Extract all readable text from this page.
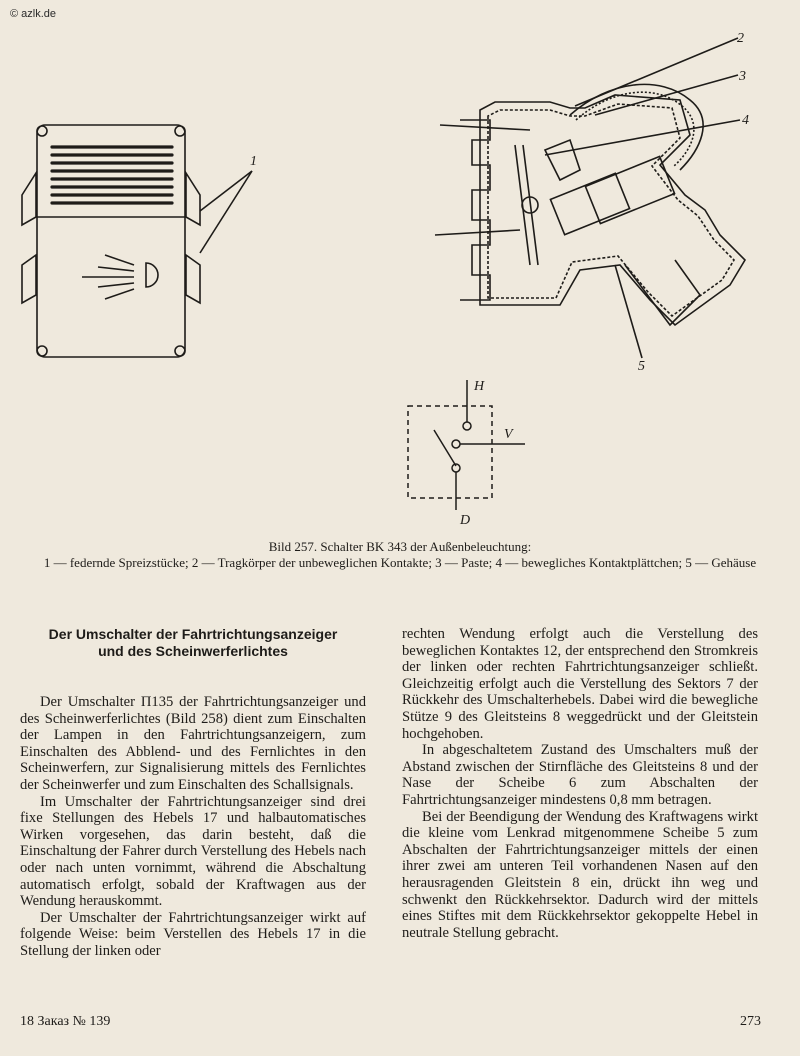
© azlk.de
1
2
3
4
5
H
V
D

Bild 257. Schalter BK 343 der Außenbeleuchtung:

1 — federnde Spreizstücke; 2 — Tragkörper der unbeweglichen Kontakte; 3 — Paste; 4 — bewegliches Kontaktplättchen; 5 — Gehäuse

Der Umschalter der Fahrtrichtungsanzeiger
und des Scheinwerferlichtes

Der Umschalter П135 der Fahrtrichtungsanzeiger und des Scheinwerferlichtes (Bild 258) dient zum Einschalten der Lampen in den Fahrtrichtungsanzeigern, zum Einschalten des Abblend- und des Fernlichtes in den Scheinwerfern, zur Signalisierung mittels des Fernlichtes der Scheinwerfer und zum Einschalten des Schallsignals.

Im Umschalter der Fahrtrichtungsanzeiger sind drei fixe Stellungen des Hebels 17 und halbautomatisches Wirken vorgesehen, das darin besteht, daß die Einschaltung der Fahrer durch Verstellung des Hebels nach oder nach unten vornimmt, während die Abschaltung automatisch erfolgt, sobald der Kraftwagen aus der Wendung herauskommt.

Der Umschalter der Fahrtrichtungsanzeiger wirkt auf folgende Weise: beim Verstellen des Hebels 17 in die Stellung der linken oder

rechten Wendung erfolgt auch die Verstellung des beweglichen Kontaktes 12, der entsprechend den Stromkreis der linken oder rechten Fahrtrichtungsanzeiger schließt. Gleichzeitig erfolgt auch die Verstellung des Sektors 7 der Rückkehr des Umschalterhebels. Dabei wird die bewegliche Stütze 9 des Gleitsteins 8 weggedrückt und der Gleitstein hochgehoben.

In abgeschaltetem Zustand des Umschalters muß der Abstand zwischen der Stirnfläche des Gleitsteins 8 und der Nase der Scheibe 6 zum Abschalten der Fahrtrichtungsanzeiger mindestens 0,8 mm betragen.

Bei der Beendigung der Wendung des Kraftwagens wirkt die kleine vom Lenkrad mitgenommene Scheibe 5 zum Abschalten der Fahrtrichtungsanzeiger mittels der einen ihrer zwei am unteren Teil vorhandenen Nasen auf den herausragenden Gleitstein 8 ein, drückt ihn weg und schwenkt den Rückkehrsektor. Dadurch wird der mittels eines Stiftes mit dem Rückkehrsektor gekoppelte Hebel in neutrale Stellung gebracht.

18 Заказ № 139	273
